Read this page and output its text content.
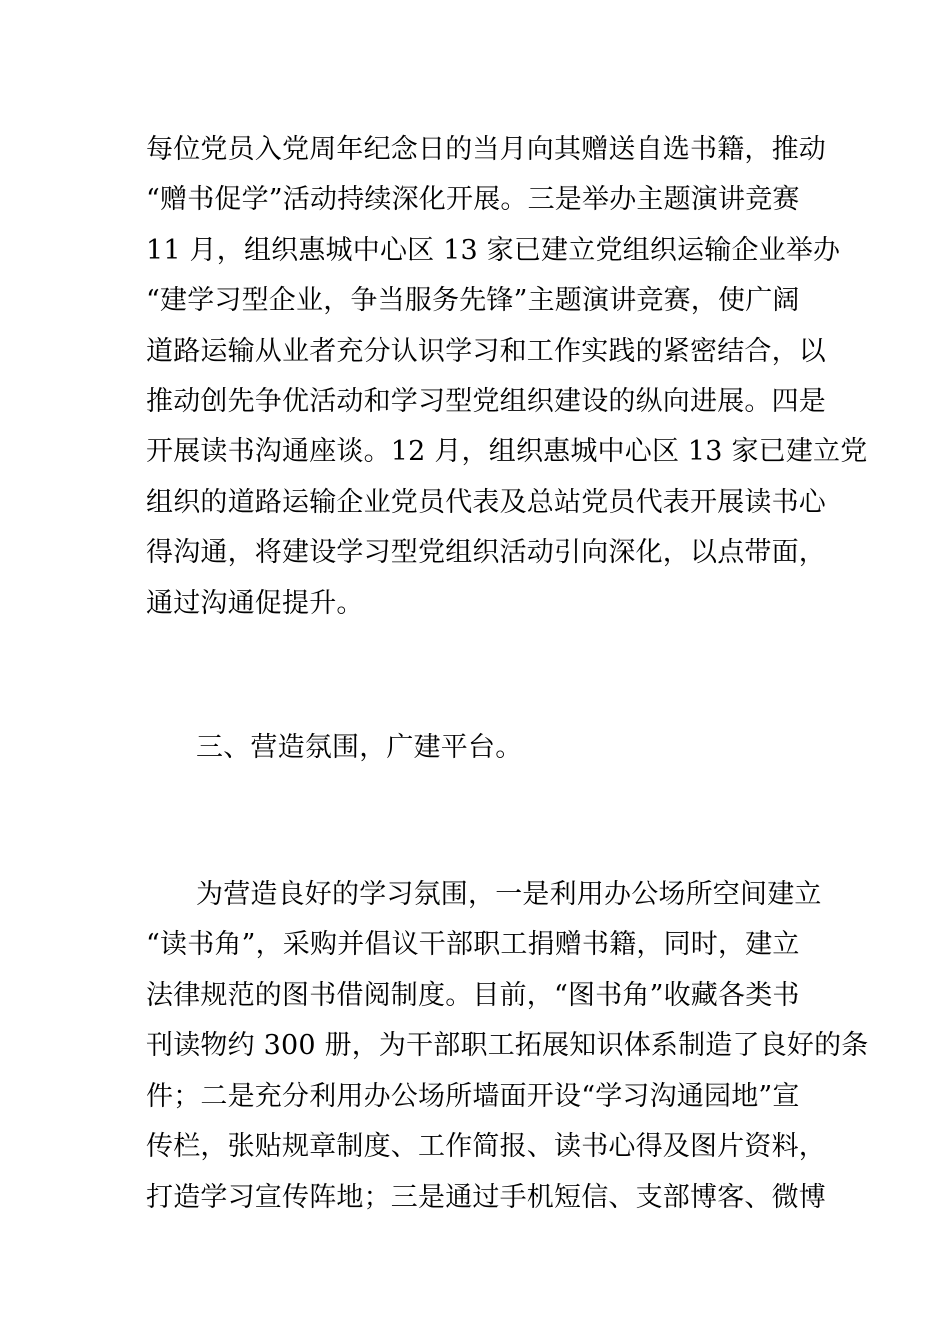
每位党员入党周年纪念日的当月向其赠送自选书籍，推动
“赠书促学”活动持续深化开展。三是举办主题演讲竞赛
11 月，组织惠城中心区 13 家已建立党组织运输企业举办
“建学习型企业，争当服务先锋”主题演讲竞赛，使广阔
道路运输从业者充分认识学习和工作实践的紧密结合，以
推动创先争优活动和学习型党组织建设的纵向进展。四是
开展读书沟通座谈。12 月，组织惠城中心区 13 家已建立党
组织的道路运输企业党员代表及总站党员代表开展读书心
得沟通，将建设学习型党组织活动引向深化，以点带面，
通过沟通促提升。
三、营造氛围，广建平台。
为营造良好的学习氛围，一是利用办公场所空间建立
“读书角”，采购并倡议干部职工捐赠书籍，同时，建立
法律规范的图书借阅制度。目前，“图书角”收藏各类书
刊读物约 300 册，为干部职工拓展知识体系制造了良好的条
件；二是充分利用办公场所墙面开设“学习沟通园地”宣
传栏，张贴规章制度、工作简报、读书心得及图片资料，
打造学习宣传阵地；三是通过手机短信、支部博客、微博
